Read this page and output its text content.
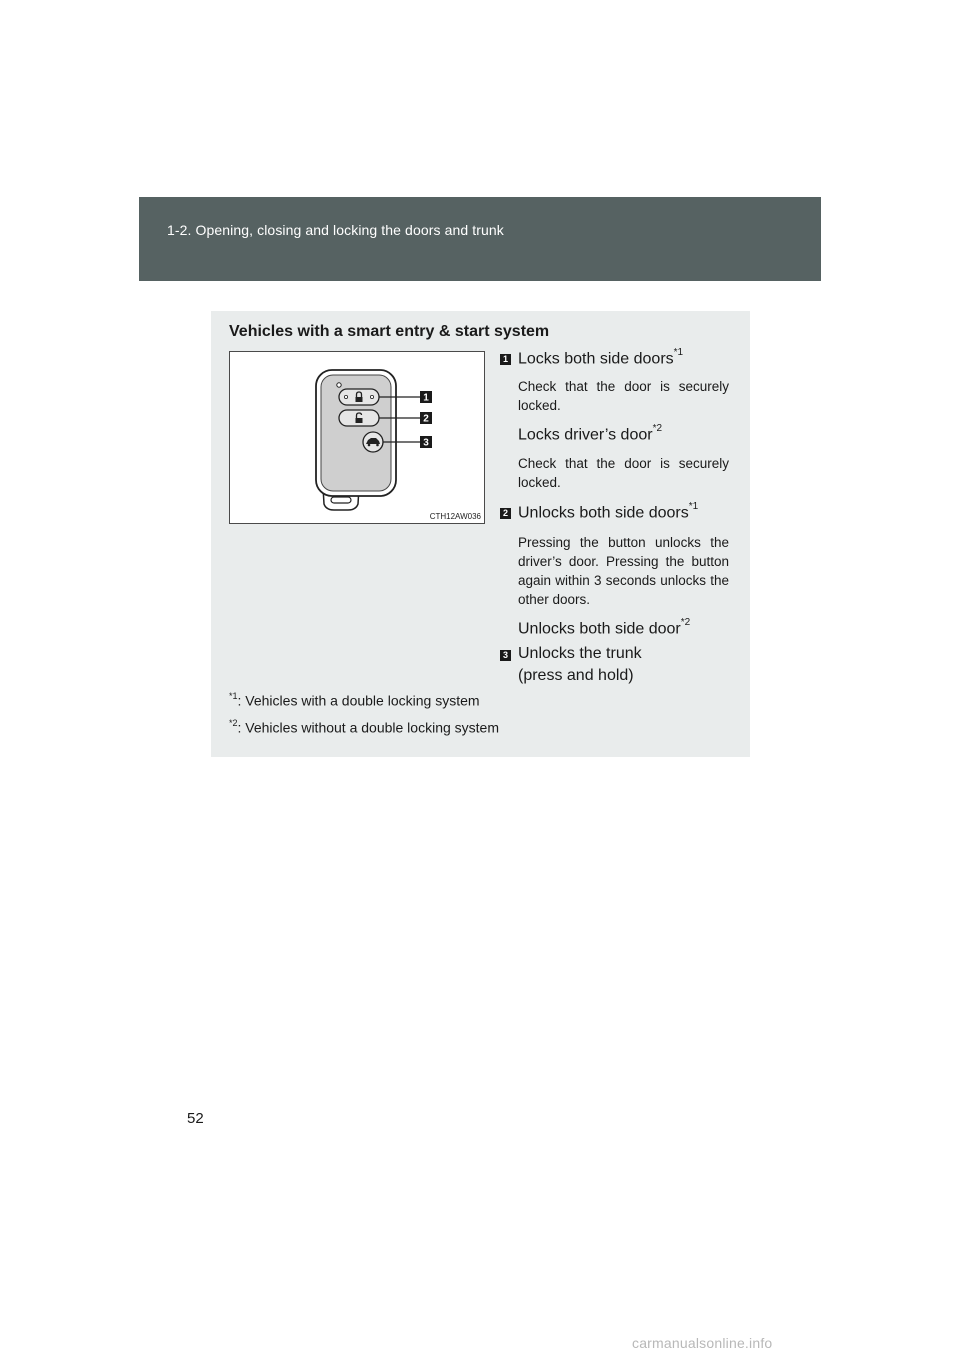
1-2. Opening, closing and locking the doors and trunk
Vehicles with a smart entry & start system
1
2
3
CTH12AW036
1 Locks both side doors$^{*1}$
Check that the door is securely locked.
Locks driver’s door$^{*2}$
Check that the door is securely locked.
2 Unlocks both side doors$^{*1}$
Pressing the button unlocks the driver’s door. Pressing the button again within 3 seconds unlocks the other doors.
Unlocks both side door$^{*2}$
3 Unlocks the trunk
(press and hold)
$^{*1}$: Vehicles with a double locking system
$^{*2}$: Vehicles without a double locking system
52
carmanualsonline.info
